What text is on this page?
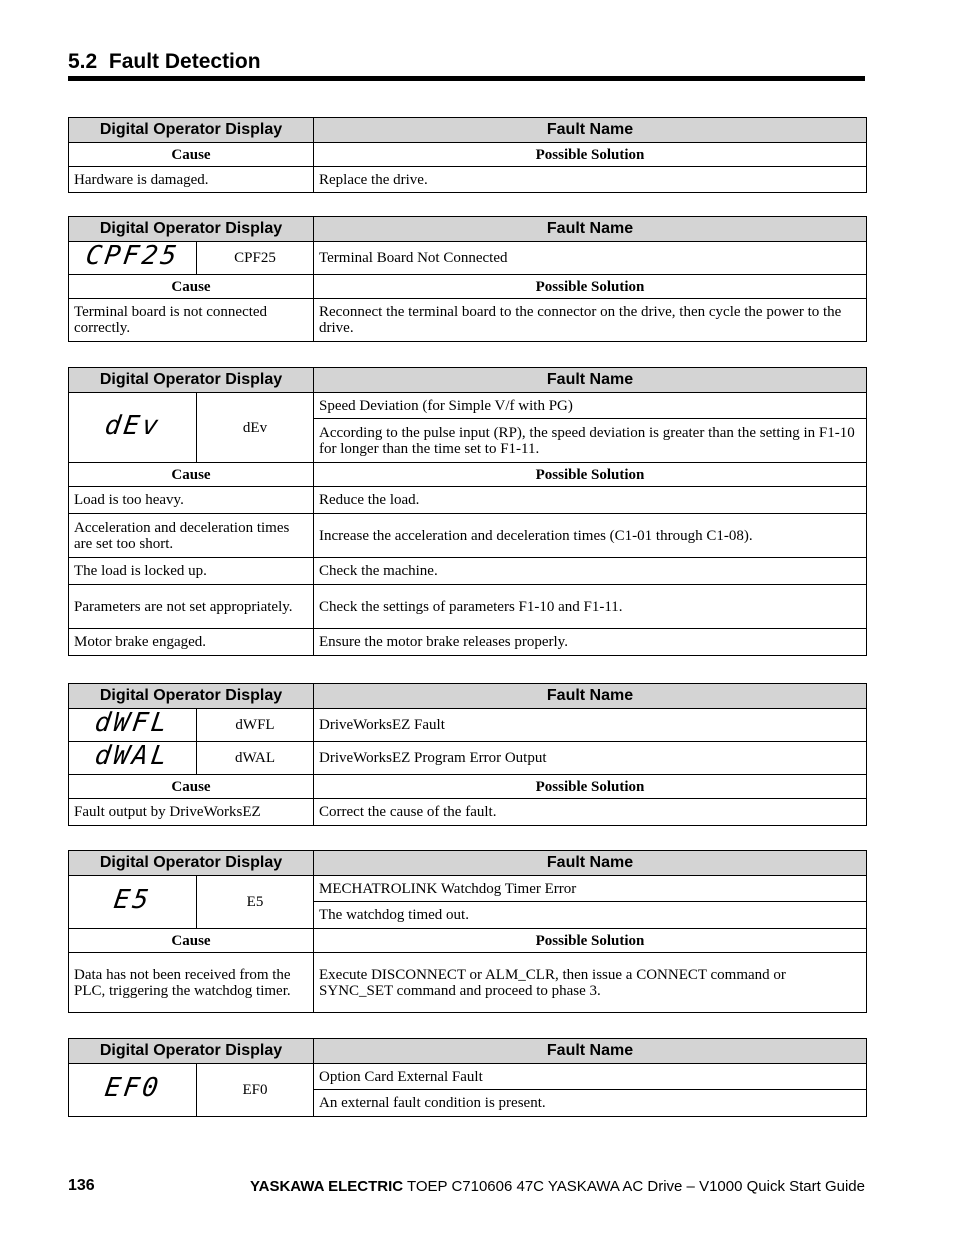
5.2 Fault Detection
Digital Operator Display	Fault Name
Cause	Possible Solution
Hardware is damaged.	Replace the drive.
Digital Operator Display		Fault Name
CPF25	CPF25	Terminal Board Not Connected
Cause		Possible Solution
Terminal board is not connected correctly.		Reconnect the terminal board to the connector on the drive, then cycle the power to the drive.
Digital Operator Display		Fault Name
dEv	dEv	Speed Deviation (for Simple V/f with PG)
		According to the pulse input (RP), the speed deviation is greater than the setting in F1-10 for longer than the time set to F1-11.
Cause		Possible Solution
Load is too heavy.		Reduce the load.
Acceleration and deceleration times are set too short.		Increase the acceleration and deceleration times (C1-01 through C1-08).
The load is locked up.		Check the machine.
Parameters are not set appropriately.		Check the settings of parameters F1-10 and F1-11.
Motor brake engaged.		Ensure the motor brake releases properly.
Digital Operator Display		Fault Name
dWFL	dWFL	DriveWorksEZ Fault
dWAL	dWAL	DriveWorksEZ Program Error Output
Cause		Possible Solution
Fault output by DriveWorksEZ		Correct the cause of the fault.
Digital Operator Display		Fault Name
E5	E5	MECHATROLINK Watchdog Timer Error
		The watchdog timed out.
Cause		Possible Solution
Data has not been received from the PLC, triggering the watchdog timer.		Execute DISCONNECT or ALM_CLR, then issue a CONNECT command or SYNC_SET command and proceed to phase 3.
Digital Operator Display		Fault Name
EF0	EF0	Option Card External Fault
		An external fault condition is present.
136	YASKAWA ELECTRIC TOEP C710606 47C YASKAWA AC Drive – V1000 Quick Start Guide
